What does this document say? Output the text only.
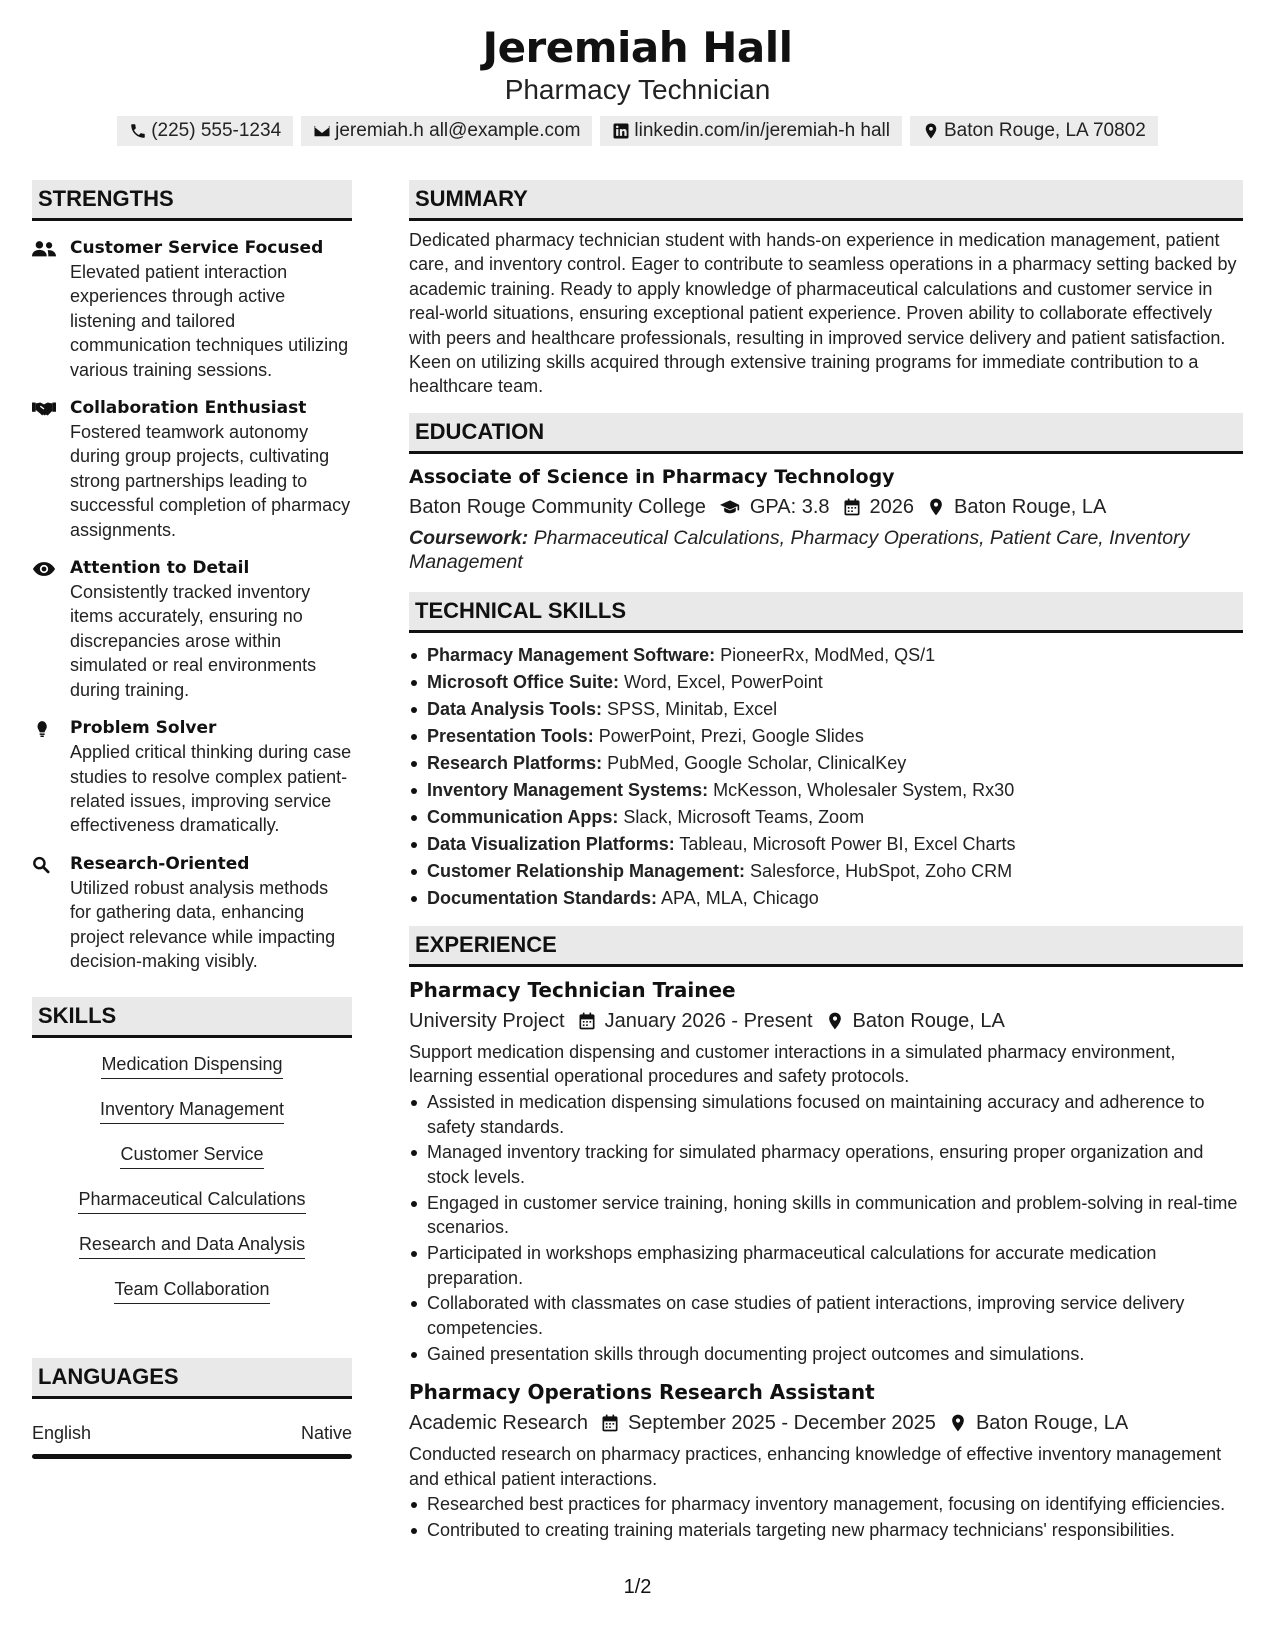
Jeremiah Hall
Pharmacy Technician
(225) 555-1234	jeremiah.h all@example.com	linkedin.com/in/jeremiah-h hall	Baton Rouge, LA 70802
STRENGTHS
Customer Service Focused
Elevated patient interaction experiences through active listening and tailored communication techniques utilizing various training sessions.
Collaboration Enthusiast
Fostered teamwork autonomy during group projects, cultivating strong partnerships leading to successful completion of pharmacy assignments.
Attention to Detail
Consistently tracked inventory items accurately, ensuring no discrepancies arose within simulated or real environments during training.
Problem Solver
Applied critical thinking during case studies to resolve complex patient-related issues, improving service effectiveness dramatically.
Research-Oriented
Utilized robust analysis methods for gathering data, enhancing project relevance while impacting decision-making visibly.
SKILLS
Medication Dispensing
Inventory Management
Customer Service
Pharmaceutical Calculations
Research and Data Analysis
Team Collaboration
LANGUAGES
English	Native
SUMMARY
Dedicated pharmacy technician student with hands-on experience in medication management, patient care, and inventory control. Eager to contribute to seamless operations in a pharmacy setting backed by academic training. Ready to apply knowledge of pharmaceutical calculations and customer service in real-world situations, ensuring exceptional patient experience. Proven ability to collaborate effectively with peers and healthcare professionals, resulting in improved service delivery and patient satisfaction. Keen on utilizing skills acquired through extensive training programs for immediate contribution to a healthcare team.
EDUCATION
Associate of Science in Pharmacy Technology
Baton Rouge Community College GPA: 3.8 2026 Baton Rouge, LA
Coursework: Pharmaceutical Calculations, Pharmacy Operations, Patient Care, Inventory Management
TECHNICAL SKILLS
Pharmacy Management Software: PioneerRx, ModMed, QS/1
Microsoft Office Suite: Word, Excel, PowerPoint
Data Analysis Tools: SPSS, Minitab, Excel
Presentation Tools: PowerPoint, Prezi, Google Slides
Research Platforms: PubMed, Google Scholar, ClinicalKey
Inventory Management Systems: McKesson, Wholesaler System, Rx30
Communication Apps: Slack, Microsoft Teams, Zoom
Data Visualization Platforms: Tableau, Microsoft Power BI, Excel Charts
Customer Relationship Management: Salesforce, HubSpot, Zoho CRM
Documentation Standards: APA, MLA, Chicago
EXPERIENCE
Pharmacy Technician Trainee
University Project January 2026 - Present Baton Rouge, LA
Support medication dispensing and customer interactions in a simulated pharmacy environment, learning essential operational procedures and safety protocols.
Assisted in medication dispensing simulations focused on maintaining accuracy and adherence to safety standards.
Managed inventory tracking for simulated pharmacy operations, ensuring proper organization and stock levels.
Engaged in customer service training, honing skills in communication and problem-solving in real-time scenarios.
Participated in workshops emphasizing pharmaceutical calculations for accurate medication preparation.
Collaborated with classmates on case studies of patient interactions, improving service delivery competencies.
Gained presentation skills through documenting project outcomes and simulations.
Pharmacy Operations Research Assistant
Academic Research September 2025 - December 2025 Baton Rouge, LA
Conducted research on pharmacy practices, enhancing knowledge of effective inventory management and ethical patient interactions.
Researched best practices for pharmacy inventory management, focusing on identifying efficiencies.
Contributed to creating training materials targeting new pharmacy technicians' responsibilities.
1/2
